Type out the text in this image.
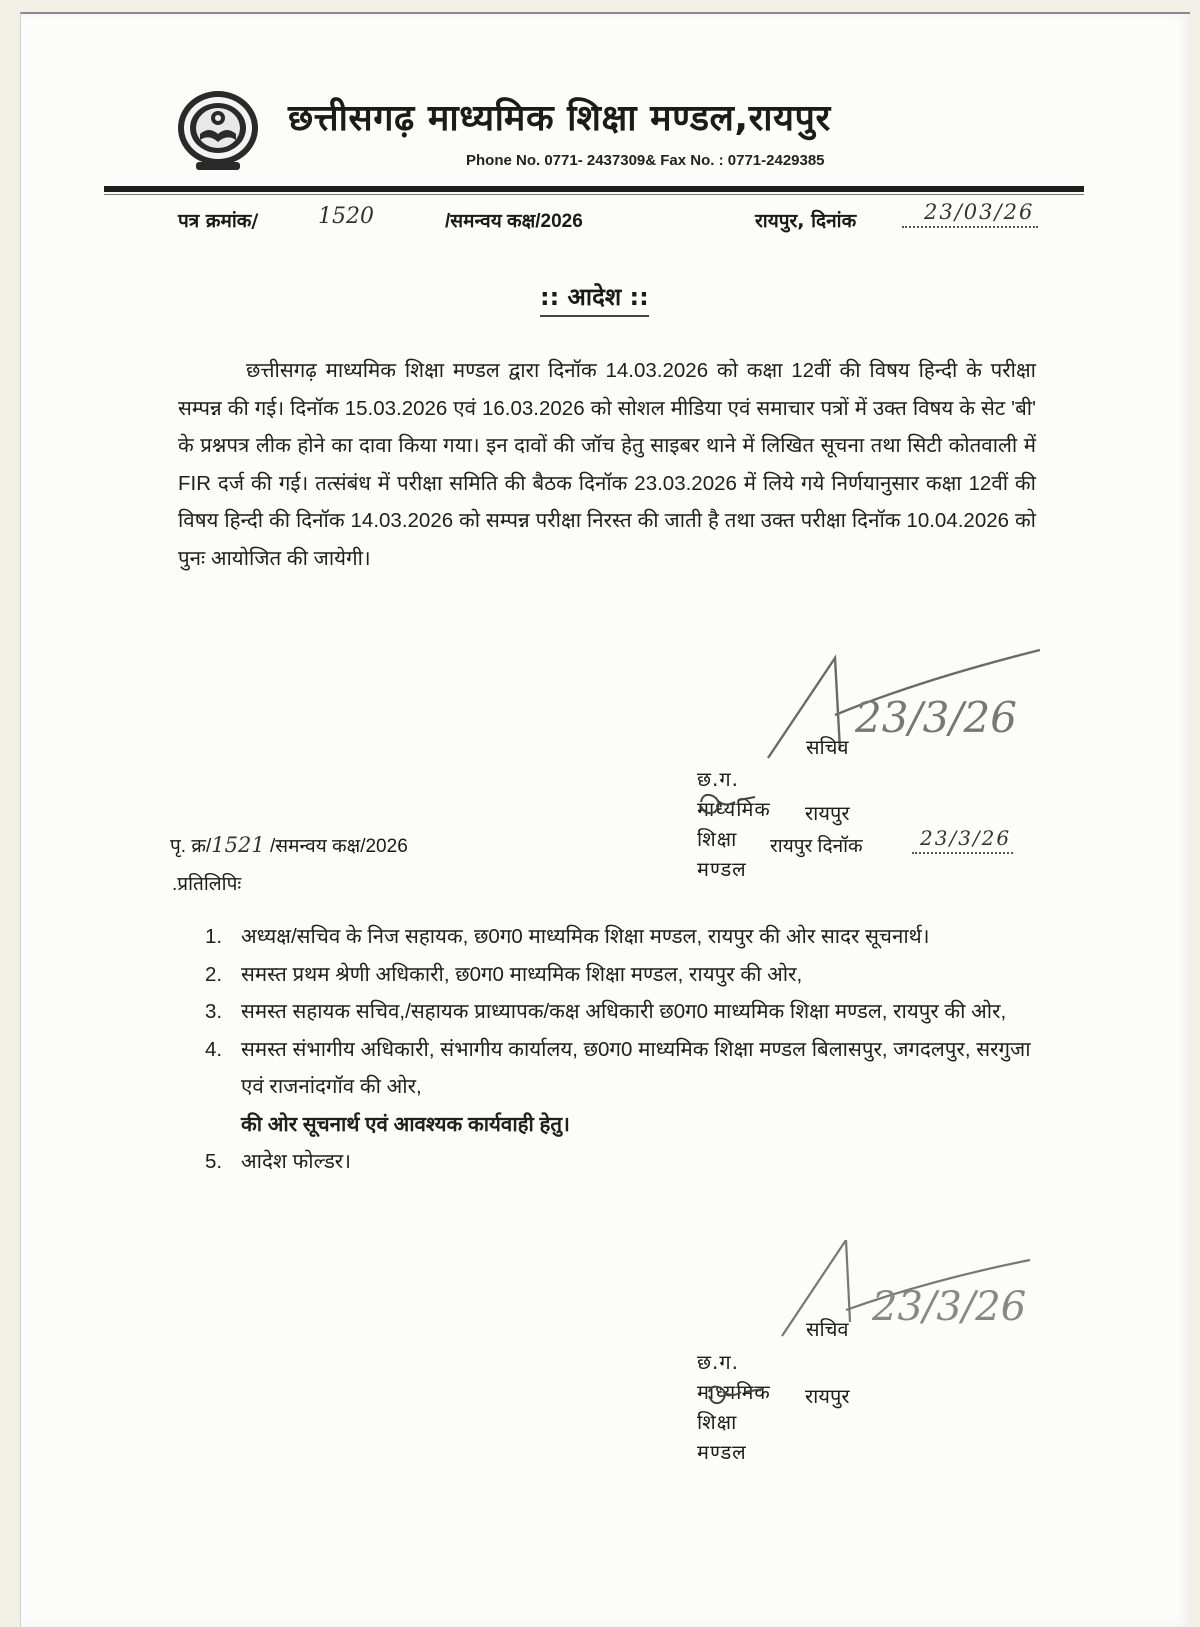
छत्तीसगढ़ माध्यमिक शिक्षा मण्डल,रायपुर
Phone No. 0771- 2437309& Fax No. : 0771-2429385
पत्र क्रमांक/	1520	/समन्वय कक्ष/2026	रायपुर, दिनांक	23/03/26
:: आदेश ::
छत्तीसगढ़ माध्यमिक शिक्षा मण्डल द्वारा दिनॉक 14.03.2026 को कक्षा 12वीं की विषय हिन्दी के परीक्षा सम्पन्न की गई। दिनॉक 15.03.2026 एवं 16.03.2026 को सोशल मीडिया एवं समाचार पत्रों में उक्त विषय के सेट 'बी' के प्रश्नपत्र लीक होने का दावा किया गया। इन दावों की जॉच हेतु साइबर थाने में लिखित सूचना तथा सिटी कोतवाली में FIR दर्ज की गई। तत्संबंध में परीक्षा समिति की बैठक दिनॉक 23.03.2026 में लिये गये निर्णयानुसार कक्षा 12वीं की विषय हिन्दी की दिनॉक 14.03.2026 को सम्पन्न परीक्षा निरस्त की जाती है तथा उक्त परीक्षा दिनॉक 10.04.2026 को पुनः आयोजित की जायेगी।
23/3/26
सचिव
छ.ग. माध्यमिक शिक्षा मण्डल
रायपुर
पृ. क्र/1521 /समन्वय कक्ष/2026	रायपुर दिनॉक	23/3/26
.प्रतिलिपिः
1. अध्यक्ष/सचिव के निज सहायक, छ0ग0 माध्यमिक शिक्षा मण्डल, रायपुर की ओर सादर सूचनार्थ।
2. समस्त प्रथम श्रेणी अधिकारी, छ0ग0 माध्यमिक शिक्षा मण्डल, रायपुर की ओर,
3. समस्त सहायक सचिव,/सहायक प्राध्यापक/कक्ष अधिकारी छ0ग0 माध्यमिक शिक्षा मण्डल, रायपुर की ओर,
4. समस्त संभागीय अधिकारी, संभागीय कार्यालय, छ0ग0 माध्यमिक शिक्षा मण्डल बिलासपुर, जगदलपुर, सरगुजा एवं राजनांदगॉव की ओर,
की ओर सूचनार्थ एवं आवश्यक कार्यवाही हेतु।
5. आदेश फोल्डर।
23/3/26
सचिव
छ.ग. माध्यमिक शिक्षा मण्डल
रायपुर
